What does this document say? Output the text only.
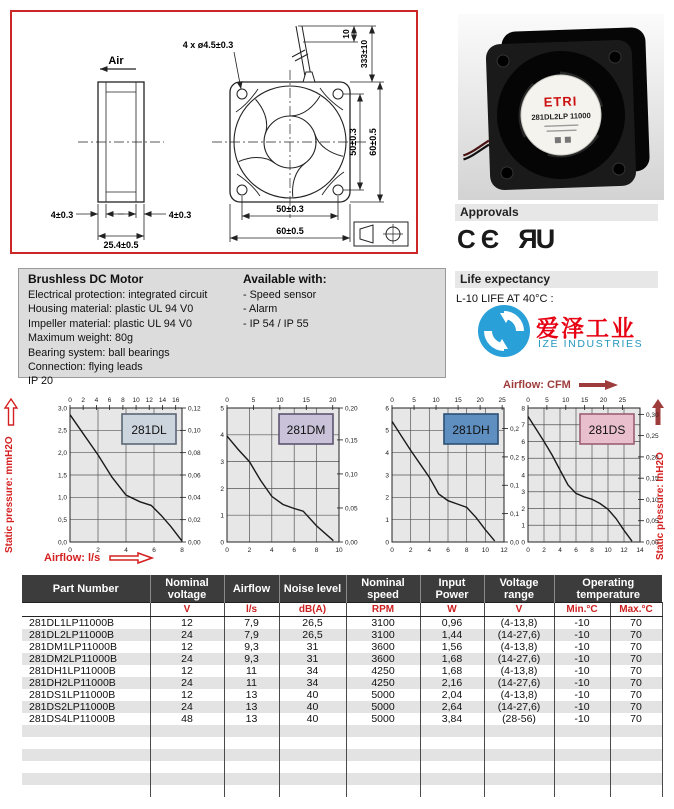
Air
4±0.3	4±0.3
25.4±0.5
4 x ø4.5±0.3
10
333±10
50±0.3 60±0.5
50±0.3
60±0.5
ETRI
281DL2LP 11000
Approvals
CЄ ЯU
Brushless DC Motor
Electrical protection: integrated circuit
Housing material: plastic UL 94 V0
Impeller material: plastic UL 94 V0
Maximum weight: 80g
Bearing system: ball bearings
Connection: flying leads
IP 20
Available with:
- Speed sensor
- Alarm
- IP 54 / IP 55
Life expectancy
L-10 LIFE AT 40°C :
爱泽工业
IZE INDUSTRIES
Airflow: CFM
Static pressure: mmH2O	Static pressure: InH2O
Airflow: l/s
0	2	4	6	8
0,0
0,5
1,0
1,5
2,0
2,5
3,0
0 2 4 6 8 10 12 14 16
0,00
0,02
0,04
0,06
0,08
0,10
0,12
281DL
0	2	4	6	8	10
0
1
2
3
4
5
0	5	10	15	20
0,00
0,05
0,10
0,15
0,20
281DM
0 2 4 6 8 10 12
0
1
2
3
4
5
6
0	5	10 15 20 25
0,0
0,1
0,1
0,2
0,2
281DH
0 2 4 6 8 10 12 14
0
1
2
3
4
5
6
7
8
0 5 10 15 20 25
0,00
0,05
0,10
0,15
0,20
0,25
0,30
281DS
Part Number	Nominal voltage	Airflow	Noise level	Nominal speed	Input Power	Voltage range	Operating temperature	
	V	l/s	dB(A)	RPM	W	V	Min.°C	Max.°C
281DL1LP11000B	12	7,9	26,5	3100	0,96	(4-13,8)	-10	70
281DL2LP11000B	24	7,9	26,5	3100	1,44	(14-27,6)	-10	70
281DM1LP11000B	12	9,3	31	3600	1,56	(4-13,8)	-10	70
281DM2LP11000B	24	9,3	31	3600	1,68	(14-27,6)	-10	70
281DH1LP11000B	12	11	34	4250	1,68	(4-13,8)	-10	70
281DH2LP11000B	24	11	34	4250	2,16	(14-27,6)	-10	70
281DS1LP11000B	12	13	40	5000	2,04	(4-13,8)	-10	70
281DS2LP11000B	24	13	40	5000	2,64	(14-27,6)	-10	70
281DS4LP11000B	48	13	40	5000	3,84	(28-56)	-10	70
